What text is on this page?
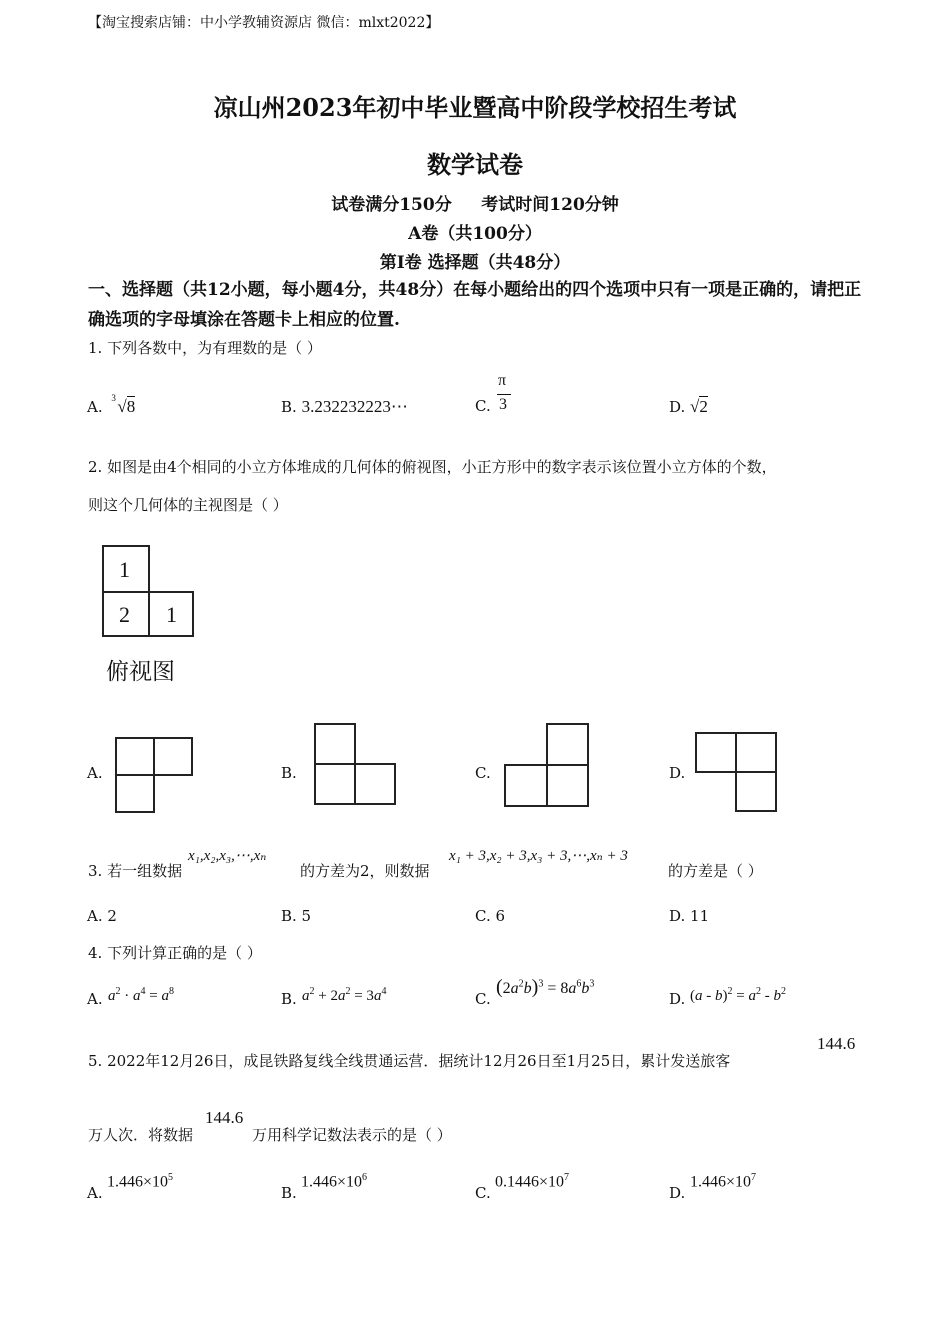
【淘宝搜索店铺：中小学教辅资源店 微信：mlxt2022】
凉山州2023年初中毕业暨高中阶段学校招生考试
数学试卷
试卷满分150分     考试时间120分钟
A卷（共100分）
第Ⅰ卷 选择题（共48分）
一、选择题（共12小题，每小题4分，共48分）在每小题给出的四个选项中只有一项是正确的，请把正确选项的字母填涂在答题卡上相应的位置.
1. 下列各数中，为有理数的是（ ）
A. 3 √8	B. 3.232232223⋯	C.
π
3	D. √2
2. 如图是由4个相同的小立方体堆成的几何体的俯视图，小正方形中的数字表示该位置小立方体的个数，
则这个几何体的主视图是（ ）
1
2 1
俯视图
A.	B.	C.	D.
3. 若一组数据
x₁,x₂,x₃,⋯,xₙ
的方差为2，则数据
x₁ + 3,x₂ + 3,x₃ + 3,⋯,xₙ + 3
的方差是（ ）
A. 2	B. 5	C. 6	D. 11
4. 下列计算正确的是（ ）
A. $a^2 \cdot a^4 = a^8$	B. $a^2 + 2a^2 = 3a^4$	C.
$(2a^2b)^3 = 8a^6b^3$
D. $(a - b)^2 = a^2 - b^2$
5. 2022年12月26日，成昆铁路复线全线贯通运营．据统计12月26日至1月25日，累计发送旅客
144.6
万人次．将数据
144.6
万用科学记数法表示的是（ ）
A.
$1.446\times 10^5$
B.
$1.446\times 10^6$
C.
$0.1446\times 10^7$
D.
$1.446\times 10^7$
